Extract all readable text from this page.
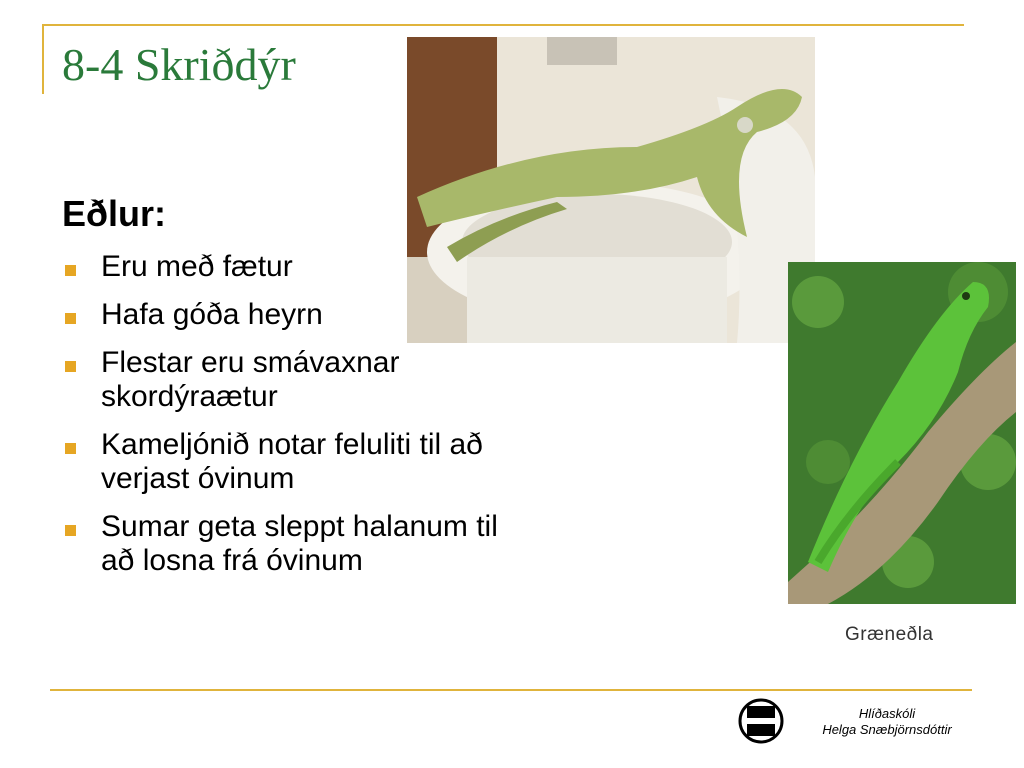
8-4 Skriðdýr
Eðlur:
Eru með fætur
Hafa góða heyrn
Flestar eru smávaxnar skordýraætur
Kameljónið notar feluliti til að verjast óvinum
Sumar geta sleppt halanum til að losna frá óvinum
Græneðla
Hlíðaskóli
Helga Snæbjörnsdóttir
